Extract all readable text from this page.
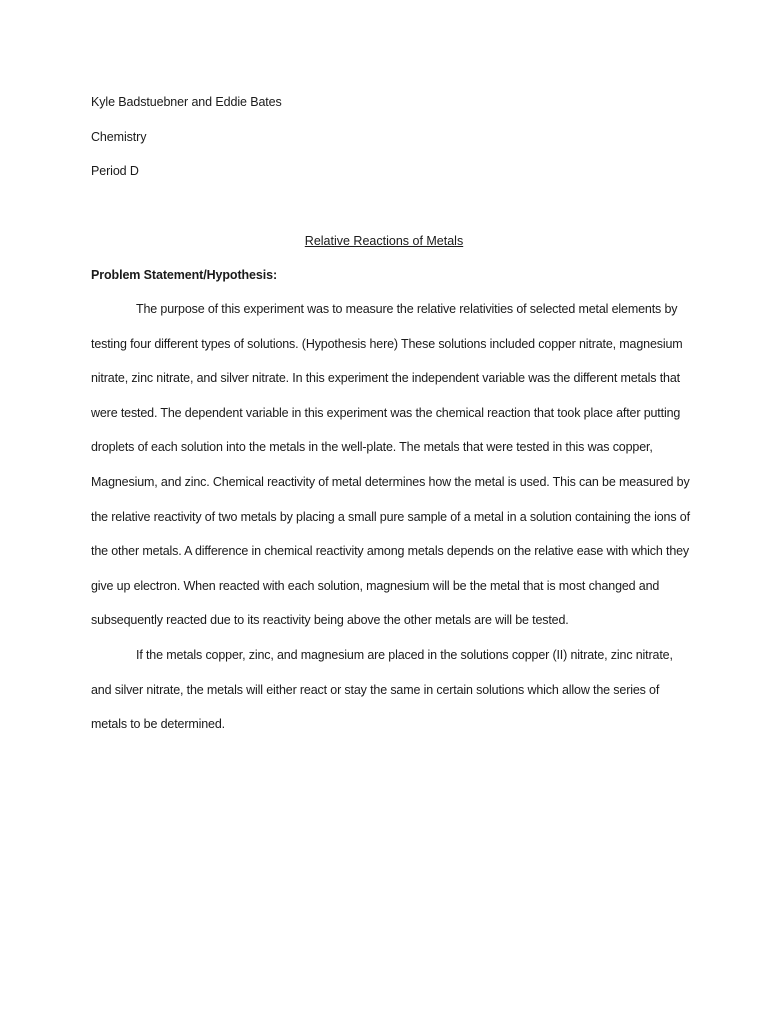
Kyle Badstuebner and Eddie Bates
Chemistry
Period D
Relative Reactions of Metals
Problem Statement/Hypothesis:

The purpose of this experiment was to measure the relative relativities of selected metal elements by testing four different types of solutions. (Hypothesis here) These solutions included copper nitrate, magnesium nitrate, zinc nitrate, and silver nitrate. In this experiment the independent variable was the different metals that were tested. The dependent variable in this experiment was the chemical reaction that took place after putting droplets of each solution into the metals in the well-plate. The metals that were tested in this was copper, Magnesium, and zinc. Chemical reactivity of metal determines how the metal is used. This can be measured by the relative reactivity of two metals by placing a small pure sample of a metal in a solution containing the ions of the other metals. A difference in chemical reactivity among metals depends on the relative ease with which they give up electron. When reacted with each solution, magnesium will be the metal that is most changed and subsequently reacted due to its reactivity being above the other metals are will be tested.

If the metals copper, zinc, and magnesium are placed in the solutions copper (II) nitrate, zinc nitrate, and silver nitrate, the metals will either react or stay the same in certain solutions which allow the series of metals to be determined.
